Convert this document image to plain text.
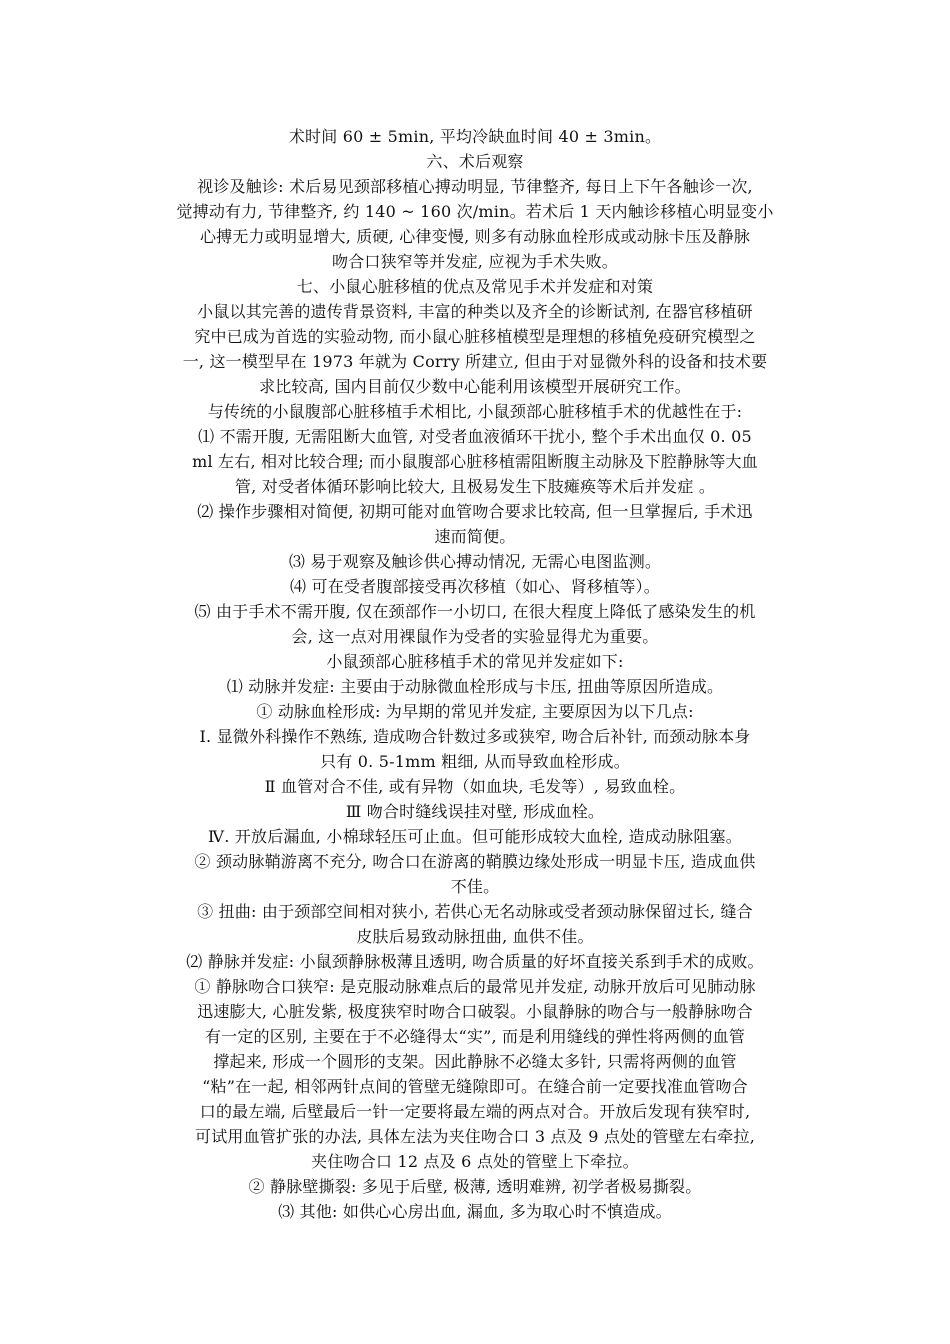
术时间 60 ± 5min, 平均冷缺血时间 40 ± 3min。
六、术后观察
视诊及触诊: 术后易见颈部移植心搏动明显, 节律整齐, 每日上下午各触诊一次,
觉搏动有力, 节律整齐, 约 140 ~ 160 次/min。若术后 1 天内触诊移植心明显变小
心搏无力或明显增大, 质硬, 心律变慢, 则多有动脉血栓形成或动脉卡压及静脉
吻合口狭窄等并发症, 应视为手术失败。
七、小鼠心脏移植的优点及常见手术并发症和对策
小鼠以其完善的遗传背景资料, 丰富的种类以及齐全的诊断试剂, 在器官移植研
究中已成为首选的实验动物, 而小鼠心脏移植模型是理想的移植免疫研究模型之
一, 这一模型早在 1973 年就为 Corry 所建立, 但由于对显微外科的设备和技术要
求比较高, 国内目前仅少数中心能利用该模型开展研究工作。
与传统的小鼠腹部心脏移植手术相比, 小鼠颈部心脏移植手术的优越性在于:
⑴ 不需开腹, 无需阻断大血管, 对受者血液循环干扰小, 整个手术出血仅 0. 05
ml 左右, 相对比较合理; 而小鼠腹部心脏移植需阻断腹主动脉及下腔静脉等大血
管, 对受者体循环影响比较大, 且极易发生下肢瘫痪等术后并发症 。
⑵ 操作步骤相对简便, 初期可能对血管吻合要求比较高, 但一旦掌握后, 手术迅
速而简便。
⑶ 易于观察及触诊供心搏动情况, 无需心电图监测。
⑷ 可在受者腹部接受再次移植（如心、肾移植等）。
⑸ 由于手术不需开腹, 仅在颈部作一小切口, 在很大程度上降低了感染发生的机
会, 这一点对用裸鼠作为受者的实验显得尤为重要。
小鼠颈部心脏移植手术的常见并发症如下:
⑴ 动脉并发症: 主要由于动脉微血栓形成与卡压, 扭曲等原因所造成。
① 动脉血栓形成: 为早期的常见并发症, 主要原因为以下几点:
Ⅰ. 显微外科操作不熟练, 造成吻合针数过多或狭窄, 吻合后补针, 而颈动脉本身
只有 0. 5-1mm 粗细, 从而导致血栓形成。
Ⅱ 血管对合不佳, 或有异物（如血块, 毛发等）, 易致血栓。
Ⅲ 吻合时缝线误挂对壁, 形成血栓。
Ⅳ. 开放后漏血, 小棉球轻压可止血。但可能形成较大血栓, 造成动脉阻塞。
② 颈动脉鞘游离不充分, 吻合口在游离的鞘膜边缘处形成一明显卡压, 造成血供
不佳。
③ 扭曲: 由于颈部空间相对狭小, 若供心无名动脉或受者颈动脉保留过长, 缝合
皮肤后易致动脉扭曲, 血供不佳。
⑵ 静脉并发症: 小鼠颈静脉极薄且透明, 吻合质量的好坏直接关系到手术的成败。
① 静脉吻合口狭窄: 是克服动脉难点后的最常见并发症, 动脉开放后可见肺动脉
迅速膨大, 心脏发紫, 极度狭窄时吻合口破裂。小鼠静脉的吻合与一般静脉吻合
有一定的区别, 主要在于不必缝得太“实”, 而是利用缝线的弹性将两侧的血管
撑起来, 形成一个圆形的支架。因此静脉不必缝太多针, 只需将两侧的血管
“粘”在一起, 相邻两针点间的管壁无缝隙即可。在缝合前一定要找准血管吻合
口的最左端, 后壁最后一针一定要将最左端的两点对合。开放后发现有狭窄时,
可试用血管扩张的办法, 具体左法为夹住吻合口 3 点及 9 点处的管壁左右牵拉,
夹住吻合口 12 点及 6 点处的管壁上下牵拉。
② 静脉壁撕裂: 多见于后壁, 极薄, 透明难辨, 初学者极易撕裂。
⑶ 其他: 如供心心房出血, 漏血, 多为取心时不慎造成。
